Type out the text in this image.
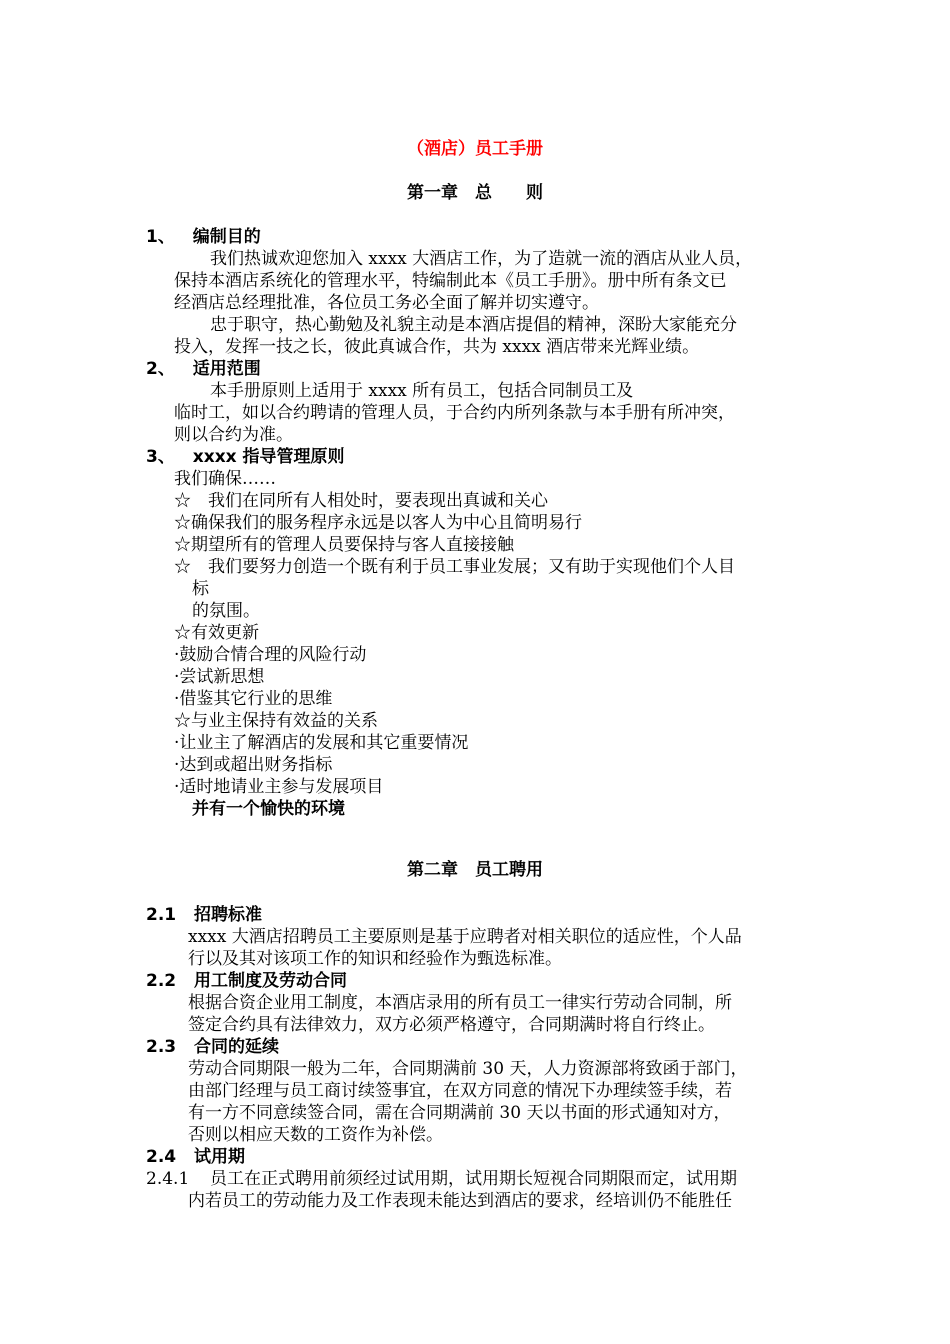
（酒店）员工手册
第一章　总　　则
1、 编制目的
我们热诚欢迎您加入 xxxx 大酒店工作，为了造就一流的酒店从业人员，
保持本酒店系统化的管理水平，特编制此本《员工手册》。册中所有条文已
经酒店总经理批准，各位员工务必全面了解并切实遵守。
忠于职守，热心勤勉及礼貌主动是本酒店提倡的精神，深盼大家能充分
投入，发挥一技之长，彼此真诚合作，共为 xxxx 酒店带来光辉业绩。
2、 适用范围
本手册原则上适用于 xxxx 所有员工，包括合同制员工及
临时工，如以合约聘请的管理人员，于合约内所列条款与本手册有所冲突，
则以合约为准。
3、 xxxx 指导管理原则
我们确保……
☆　我们在同所有人相处时，要表现出真诚和关心
☆确保我们的服务程序永远是以客人为中心且简明易行
☆期望所有的管理人员要保持与客人直接接触
☆　我们要努力创造一个既有利于员工事业发展；又有助于实现他们个人目
标
的氛围。
☆有效更新
·鼓励合情合理的风险行动
·尝试新思想
·借鉴其它行业的思维
☆与业主保持有效益的关系
·让业主了解酒店的发展和其它重要情况
·达到或超出财务指标
·适时地请业主参与发展项目
并有一个愉快的环境
第二章　员工聘用
2.1 招聘标准
xxxx 大酒店招聘员工主要原则是基于应聘者对相关职位的适应性，个人品
行以及其对该项工作的知识和经验作为甄选标准。
2.2 用工制度及劳动合同
根据合资企业用工制度，本酒店录用的所有员工一律实行劳动合同制，所
签定合约具有法律效力，双方必须严格遵守，合同期满时将自行终止。
2.3 合同的延续
劳动合同期限一般为二年，合同期满前 30 天，人力资源部将致函于部门，
由部门经理与员工商讨续签事宜，在双方同意的情况下办理续签手续，若
有一方不同意续签合同，需在合同期满前 30 天以书面的形式通知对方，
否则以相应天数的工资作为补偿。
2.4 试用期
2.4.1 员工在正式聘用前须经过试用期，试用期长短视合同期限而定，试用期
内若员工的劳动能力及工作表现未能达到酒店的要求，经培训仍不能胜任
